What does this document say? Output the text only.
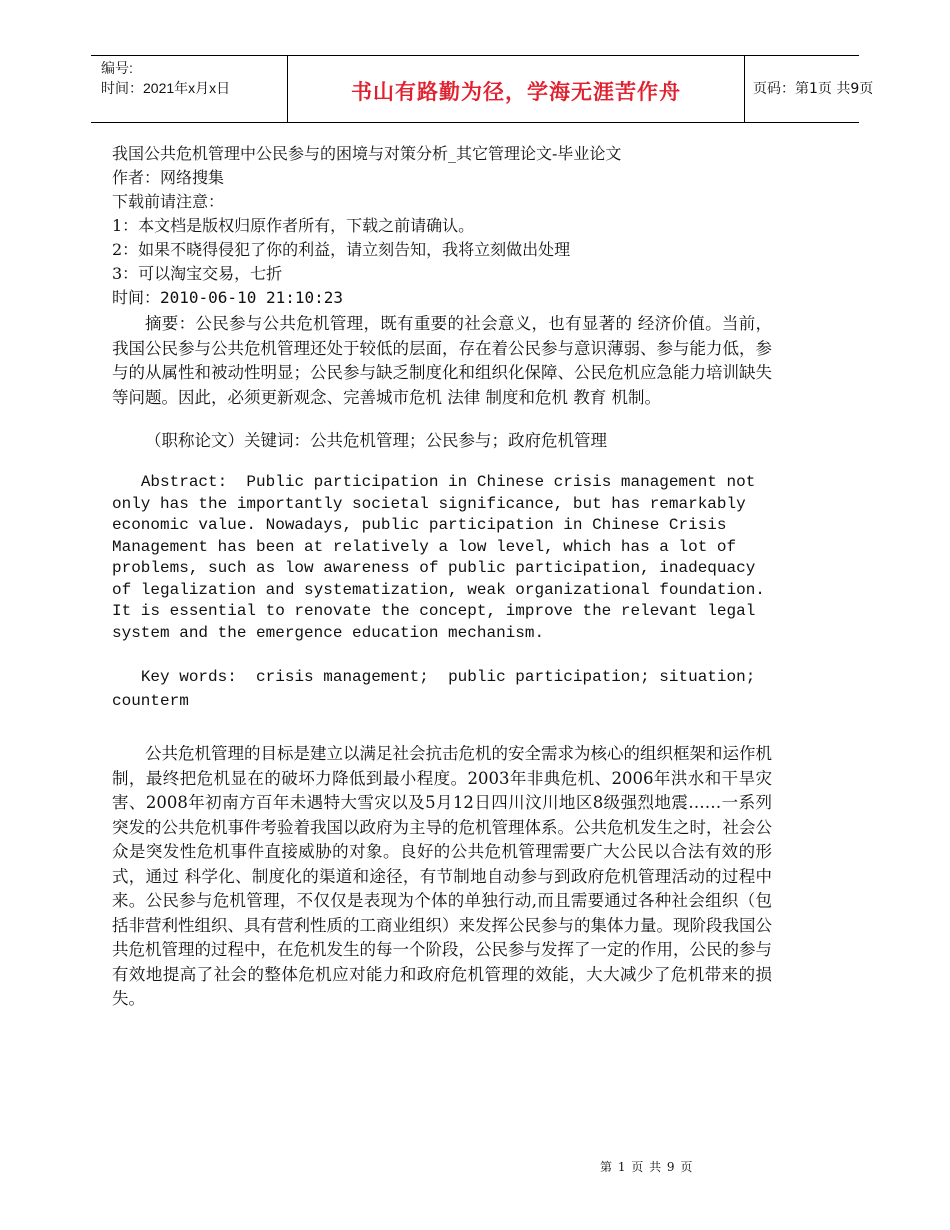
编号:
时间：2021年x月x日	书山有路勤为径，学海无涯苦作舟	页码：第1页 共9页

我国公共危机管理中公民参与的困境与对策分析_其它管理论文-毕业论文

作者：网络搜集

下载前请注意：

1：本文档是版权归原作者所有，下载之前请确认。

2：如果不晓得侵犯了你的利益，请立刻告知，我将立刻做出处理

3：可以淘宝交易，七折

时间：2010-06-10 21:10:23

摘要：公民参与公共危机管理，既有重要的社会意义，也有显著的 经济价值。当前，我国公民参与公共危机管理还处于较低的层面，存在着公民参与意识薄弱、参与能力低，参与的从属性和被动性明显；公民参与缺乏制度化和组织化保障、公民危机应急能力培训缺失等问题。因此，必须更新观念、完善城市危机 法律 制度和危机 教育 机制。

（职称论文）关键词：公共危机管理；公民参与；政府危机管理

Abstract:  Public participation in Chinese crisis management not only has the importantly societal significance, but has remarkably economic value. Nowadays, public participation in Chinese Crisis Management has been at relatively a low level, which has a lot of problems, such as low awareness of public participation, inadequacy of legalization and systematization, weak organizational foundation. It is essential to renovate the concept, improve the relevant legal system and the emergence education mechanism.

Key words:  crisis management;  public participation; situation;  counterm

公共危机管理的目标是建立以满足社会抗击危机的安全需求为核心的组织框架和运作机制，最终把危机显在的破坏力降低到最小程度。2003年非典危机、2006年洪水和干旱灾害、2008年初南方百年未遇特大雪灾以及5月12日四川汶川地区8级强烈地震……一系列突发的公共危机事件考验着我国以政府为主导的危机管理体系。公共危机发生之时，社会公众是突发性危机事件直接威胁的对象。良好的公共危机管理需要广大公民以合法有效的形式，通过 科学化、制度化的渠道和途径，有节制地自动参与到政府危机管理活动的过程中来。公民参与危机管理，不仅仅是表现为个体的单独行动,而且需要通过各种社会组织（包括非营利性组织、具有营利性质的工商业组织）来发挥公民参与的集体力量。现阶段我国公共危机管理的过程中，在危机发生的每一个阶段，公民参与发挥了一定的作用，公民的参与有效地提高了社会的整体危机应对能力和政府危机管理的效能，大大减少了危机带来的损失。

第 1 页 共 9 页
